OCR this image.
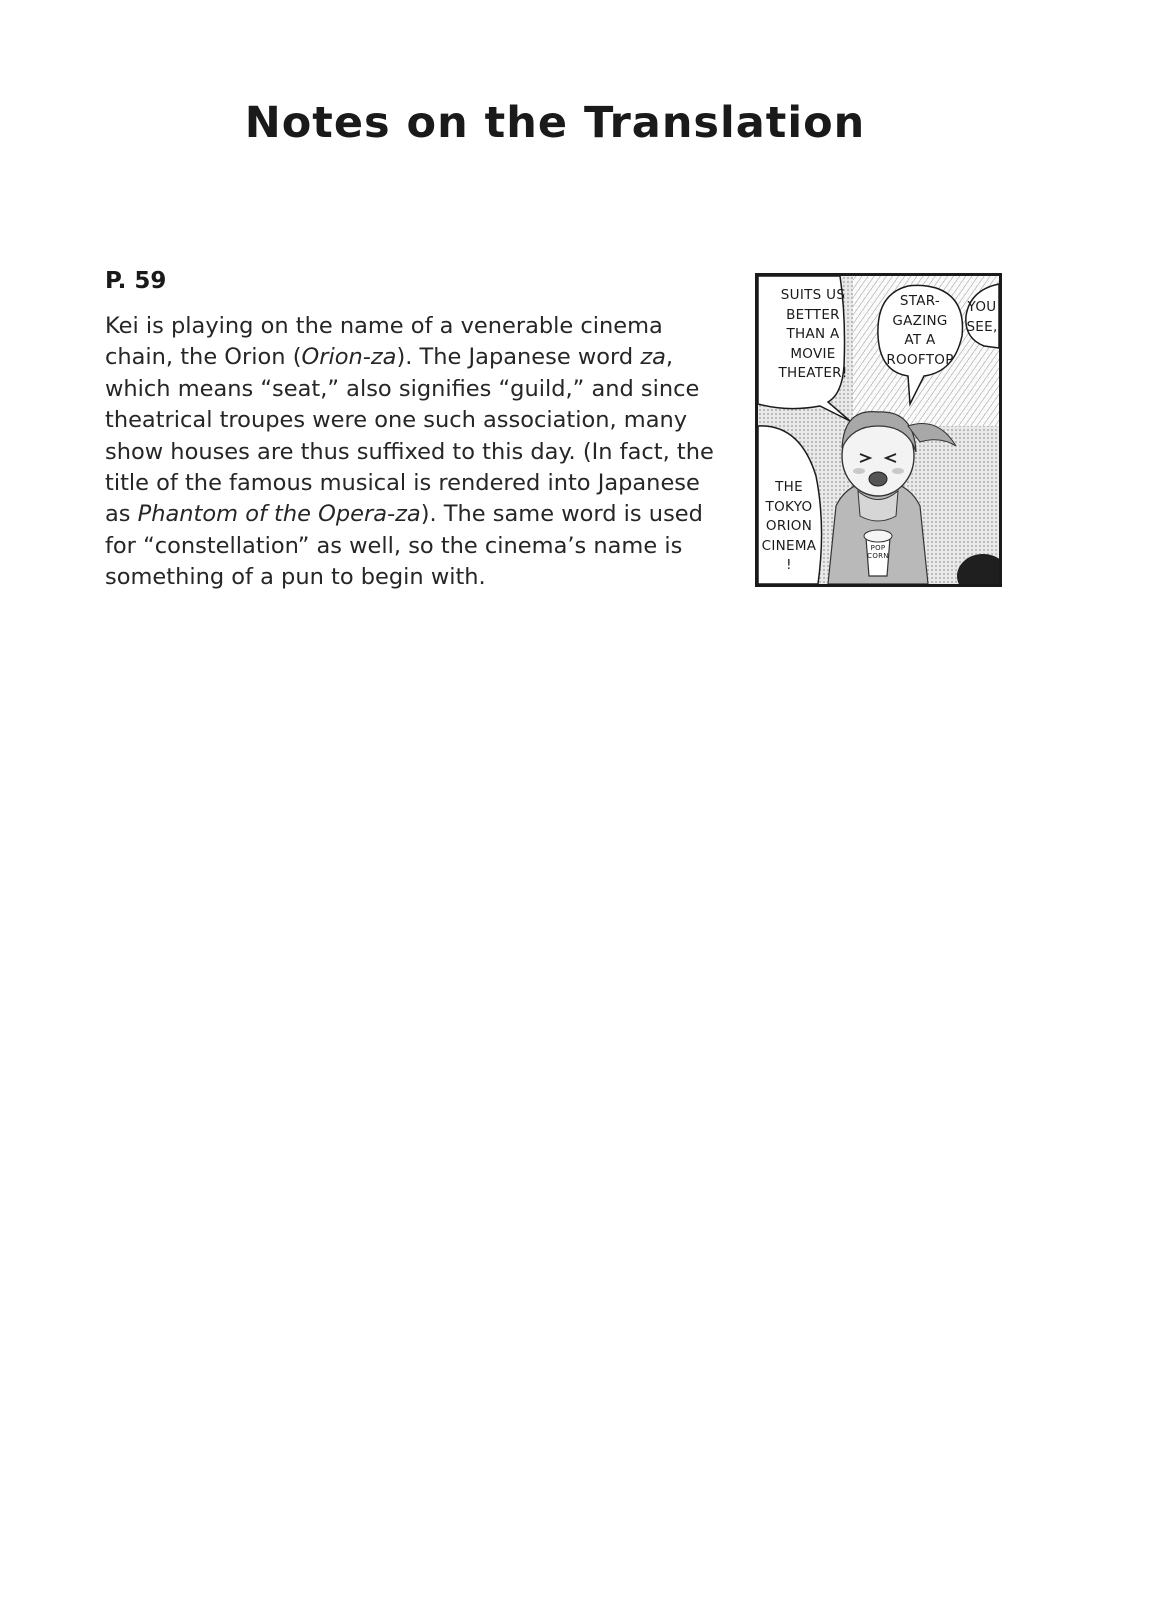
Notes on the Translation
P. 59
Kei is playing on the name of a venerable cinema
chain, the Orion (Orion-za). The Japanese word za,
which means “seat,” also signifies “guild,” and since
theatrical troupes were one such association, many
show houses are thus suffixed to this day. (In fact, the
title of the famous musical is rendered into Japanese
as Phantom of the Opera-za). The same word is used
for “constellation” as well, so the cinema’s name is
something of a pun to begin with.
SUITS US
BETTER
THAN A
MOVIE
THEATER!
STAR-
GAZING
AT A
ROOFTOP
YOU
SEE,
THE
TOKYO
ORION
CINEMA
!
POP CORN
